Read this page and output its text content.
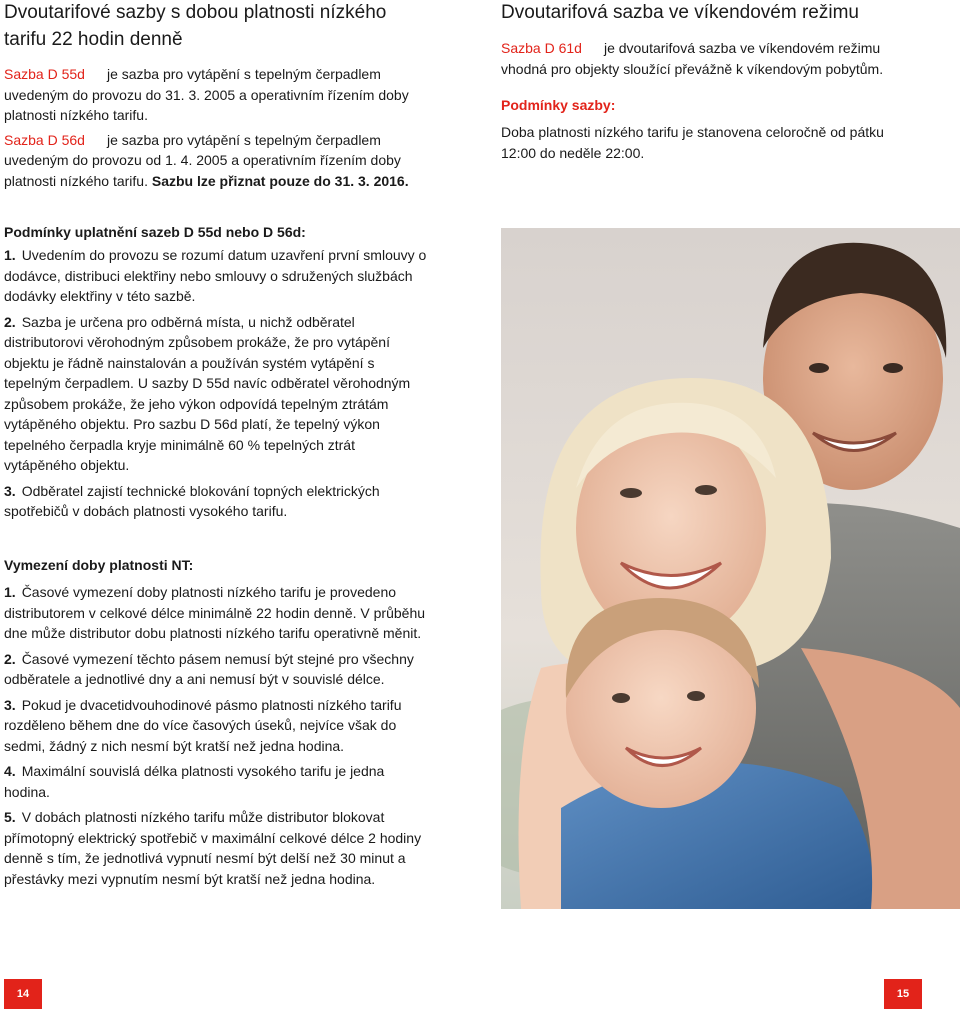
Dvoutarifové sazby s dobou platnosti nízkého tarifu 22 hodin denně

Sazba D 55d je sazba pro vytápění s tepelným čerpadlem uvedeným do provozu do 31. 3. 2005 a operativním řízením doby platnosti nízkého tarifu.

Sazba D 56d je sazba pro vytápění s tepelným čerpadlem uvedeným do provozu od 1. 4. 2005 a operativním řízením doby platnosti nízkého tarifu. Sazbu lze přiznat pouze do 31. 3. 2016.

Podmínky uplatnění sazeb D 55d nebo D 56d:

1. Uvedením do provozu se rozumí datum uzavření první smlouvy o dodávce, distribuci elektřiny nebo smlouvy o sdružených službách dodávky elektřiny v této sazbě.
2. Sazba je určena pro odběrná místa, u nichž odběratel distributorovi věrohodným způsobem prokáže, že pro vytápění objektu je řádně nainstalován a používán systém vytápění s tepelným čerpadlem. U sazby D 55d navíc odběratel věrohodným způsobem prokáže, že jeho výkon odpovídá tepelným ztrátám vytápěného objektu. Pro sazbu D 56d platí, že tepelný výkon tepelného čerpadla kryje minimálně 60 % tepelných ztrát vytápěného objektu.
3. Odběratel zajistí technické blokování topných elektrických spotřebičů v dobách platnosti vysokého tarifu.

Vymezení doby platnosti NT:

1. Časové vymezení doby platnosti nízkého tarifu je provedeno distributorem v celkové délce minimálně 22 hodin denně. V průběhu dne může distributor dobu platnosti nízkého tarifu operativně měnit.
2. Časové vymezení těchto pásem nemusí být stejné pro všechny odběratele a jednotlivé dny a ani nemusí být v souvislé délce.
3. Pokud je dvacetidvouhodinové pásmo platnosti nízkého tarifu rozděleno během dne do více časových úseků, nejvíce však do sedmi, žádný z nich nesmí být kratší než jedna hodina.
4. Maximální souvislá délka platnosti vysokého tarifu je jedna hodina.
5. V dobách platnosti nízkého tarifu může distributor blokovat přímotopný elektrický spotřebič v maximální celkové délce 2 hodiny denně s tím, že jednotlivá vypnutí nesmí být delší než 30 minut a přestávky mezi vypnutím nesmí být kratší než jedna hodina.
14
Dvoutarifová sazba ve víkendovém režimu

Sazba D 61d je dvoutarifová sazba ve víkendovém režimu vhodná pro objekty sloužící převážně k víkendovým pobytům.

Podmínky sazby:

Doba platnosti nízkého tarifu je stanovena celoročně od pátku 12:00 do neděle 22:00.

15
